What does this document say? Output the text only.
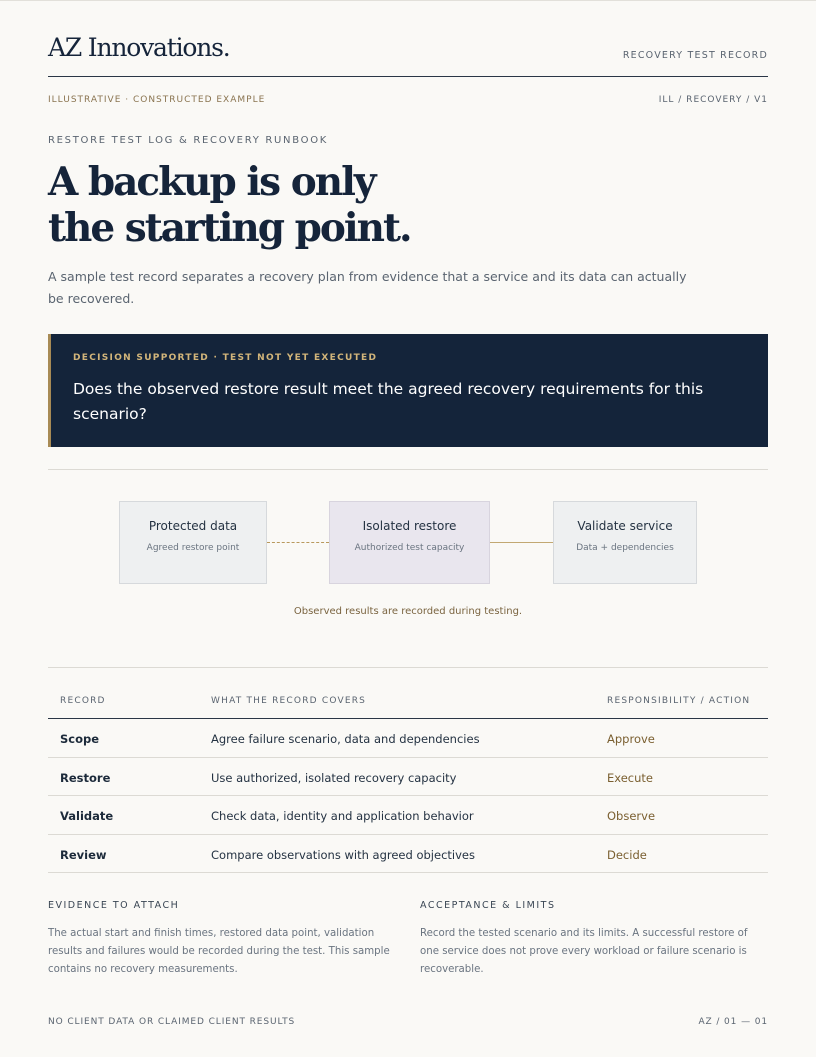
AZ Innovations.	RECOVERY TEST RECORD
ILLUSTRATIVE · CONSTRUCTED EXAMPLE	ILL / RECOVERY / V1
RESTORE TEST LOG & RECOVERY RUNBOOK
A backup is only
the starting point.

A sample test record separates a recovery plan from evidence that a service and its data can actually be recovered.

DECISION SUPPORTED · TEST NOT YET EXECUTED
Does the observed restore result meet the agreed recovery requirements for this scenario?
Protected data
Agreed restore point
Isolated restore
Authorized test capacity
Validate service
Data + dependencies
Observed results are recorded during testing.
RECORD	WHAT THE RECORD COVERS	RESPONSIBILITY / ACTION
Scope	Agree failure scenario, data and dependencies	Approve
Restore	Use authorized, isolated recovery capacity	Execute
Validate	Check data, identity and application behavior	Observe
Review	Compare observations with agreed objectives	Decide
EVIDENCE TO ATTACH
The actual start and finish times, restored data point, validation results and failures would be recorded during the test. This sample contains no recovery measurements.
ACCEPTANCE & LIMITS
Record the tested scenario and its limits. A successful restore of one service does not prove every workload or failure scenario is recoverable.
NO CLIENT DATA OR CLAIMED CLIENT RESULTS	AZ / 01 — 01
